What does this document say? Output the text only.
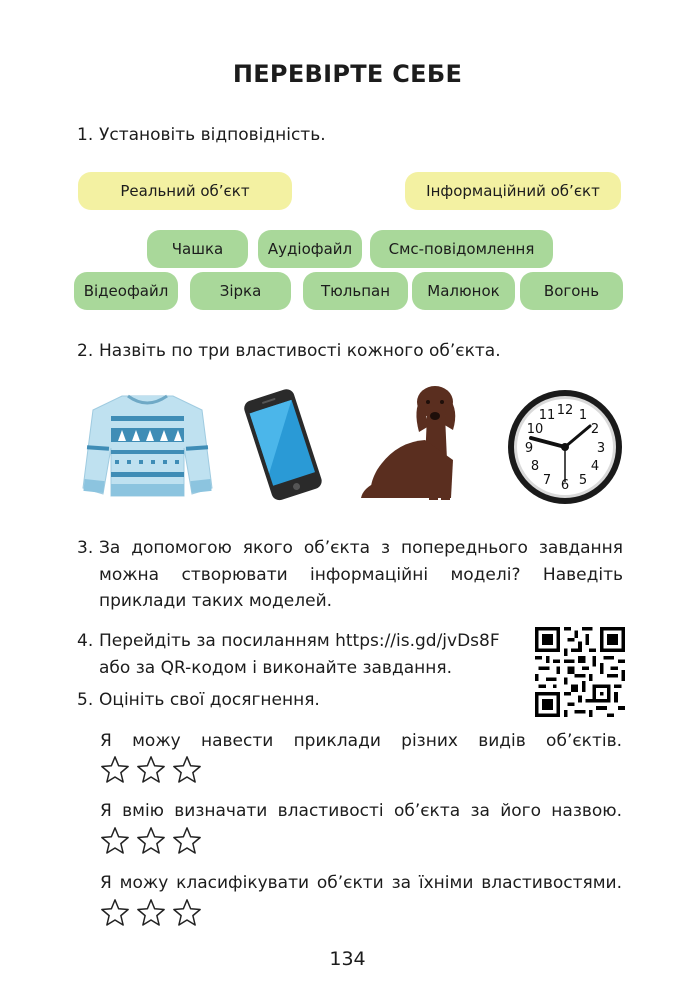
ПЕРЕВІРТЕ СЕБЕ
1. Установіть відповідність.
Реальний об’єкт	Інформаційний об’єкт
Чашка	Аудіофайл	Смс-повідомлення
Відеофайл	Зірка	Тюльпан	Малюнок	Вогонь
2. Назвіть по три властивості кожного об’єкта.
12 1
2
3
4
5
6
7
8
9
10
11
3. За допомогою якого об’єкта з попереднього завдання
можна створювати інформаційні моделі? Наведіть
приклади таких моделей.
4. Перейдіть за посиланням https://is.gd/jvDs8F
або за QR-кодом і виконайте завдання.
5. Оцініть свої досягнення.
Я можу навести приклади різних видів об’єктів.
Я вмію визначати властивості об’єкта за його назвою.
Я можу класифікувати об’єкти за їхніми властивостями.
134
